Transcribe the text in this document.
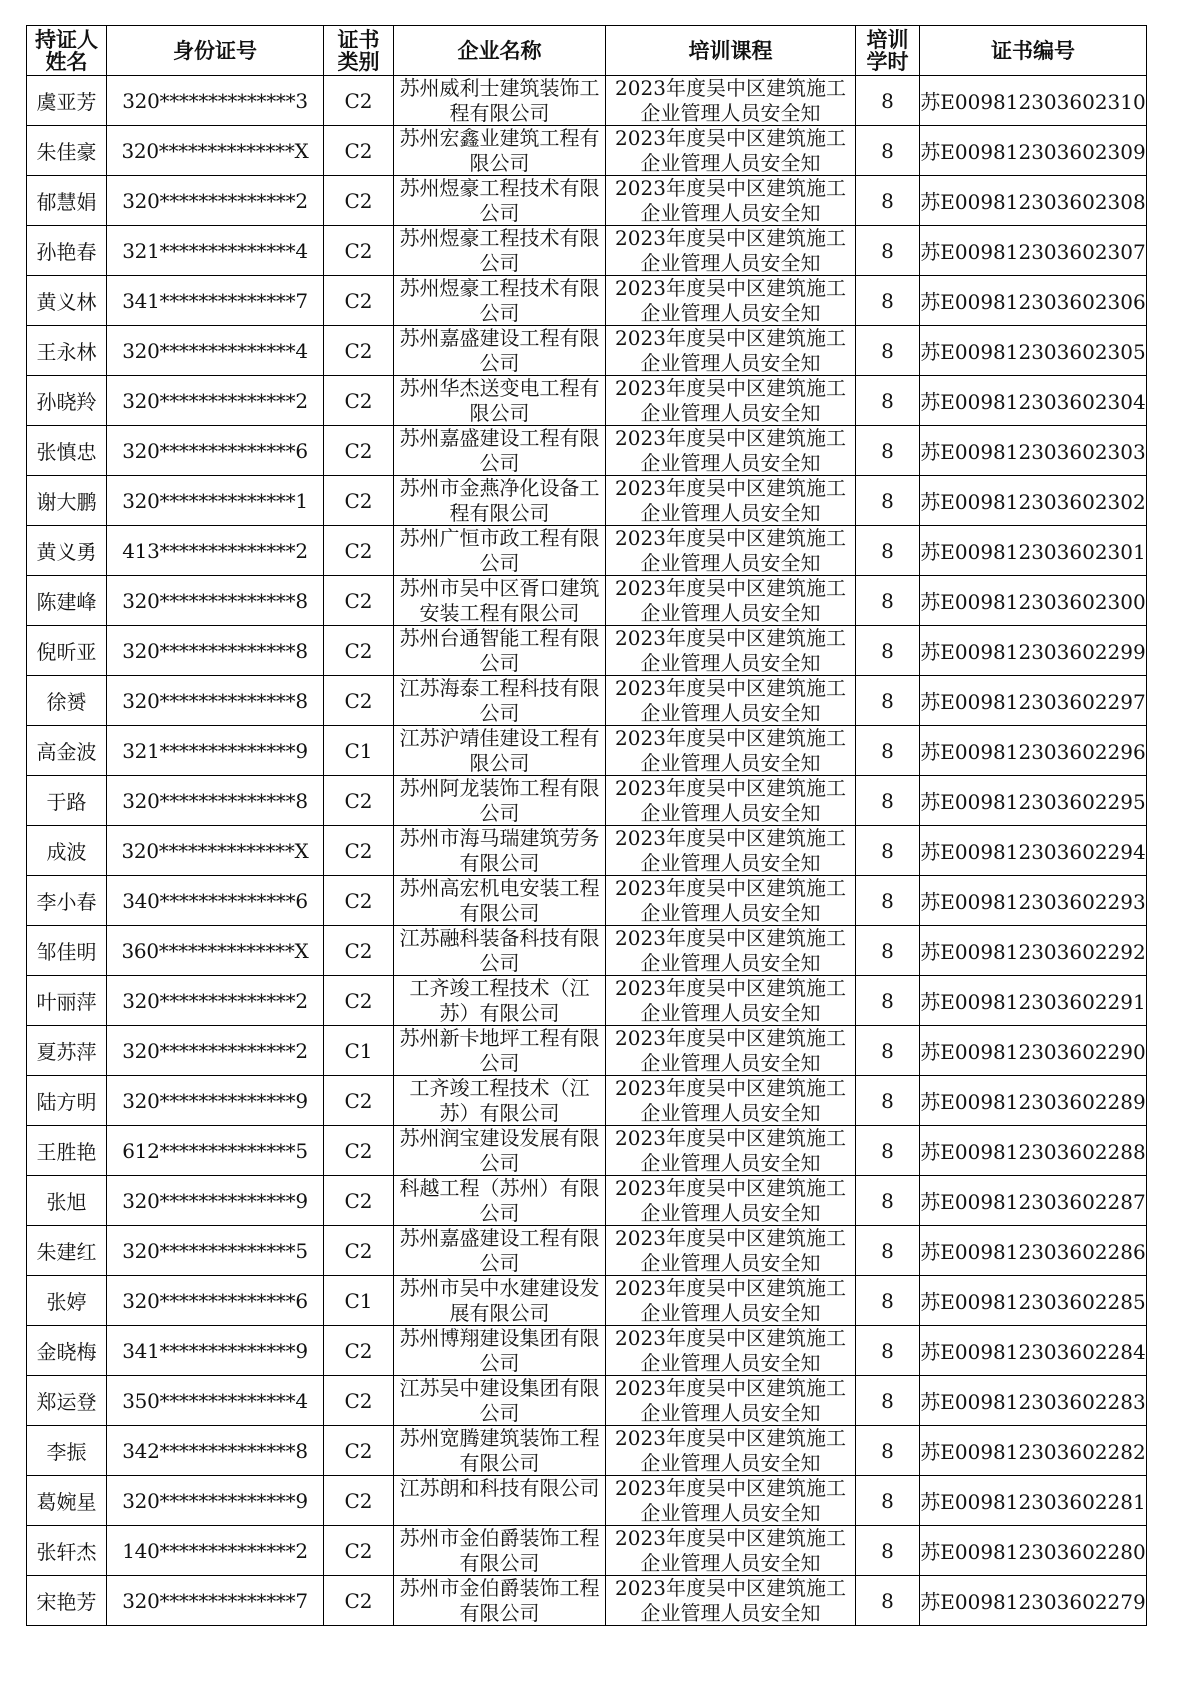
持证人姓名	身份证号	证书类别	企业名称	培训课程	培训学时	证书编号
虞亚芳	320**************3	C2	苏州威利士建筑装饰工程有限公司	2023年度吴中区建筑施工企业管理人员安全知	8	苏E009812303602310
朱佳豪	320**************X	C2	苏州宏鑫业建筑工程有限公司	2023年度吴中区建筑施工企业管理人员安全知	8	苏E009812303602309
郁慧娟	320**************2	C2	苏州煜豪工程技术有限公司	2023年度吴中区建筑施工企业管理人员安全知	8	苏E009812303602308
孙艳春	321**************4	C2	苏州煜豪工程技术有限公司	2023年度吴中区建筑施工企业管理人员安全知	8	苏E009812303602307
黄义林	341**************7	C2	苏州煜豪工程技术有限公司	2023年度吴中区建筑施工企业管理人员安全知	8	苏E009812303602306
王永林	320**************4	C2	苏州嘉盛建设工程有限公司	2023年度吴中区建筑施工企业管理人员安全知	8	苏E009812303602305
孙晓羚	320**************2	C2	苏州华杰送变电工程有限公司	2023年度吴中区建筑施工企业管理人员安全知	8	苏E009812303602304
张慎忠	320**************6	C2	苏州嘉盛建设工程有限公司	2023年度吴中区建筑施工企业管理人员安全知	8	苏E009812303602303
谢大鹏	320**************1	C2	苏州市金燕净化设备工程有限公司	2023年度吴中区建筑施工企业管理人员安全知	8	苏E009812303602302
黄义勇	413**************2	C2	苏州广恒市政工程有限公司	2023年度吴中区建筑施工企业管理人员安全知	8	苏E009812303602301
陈建峰	320**************8	C2	苏州市吴中区胥口建筑安装工程有限公司	2023年度吴中区建筑施工企业管理人员安全知	8	苏E009812303602300
倪昕亚	320**************8	C2	苏州台通智能工程有限公司	2023年度吴中区建筑施工企业管理人员安全知	8	苏E009812303602299
徐赟	320**************8	C2	江苏海泰工程科技有限公司	2023年度吴中区建筑施工企业管理人员安全知	8	苏E009812303602297
高金波	321**************9	C1	江苏沪靖佳建设工程有限公司	2023年度吴中区建筑施工企业管理人员安全知	8	苏E009812303602296
于路	320**************8	C2	苏州阿龙装饰工程有限公司	2023年度吴中区建筑施工企业管理人员安全知	8	苏E009812303602295
成波	320**************X	C2	苏州市海马瑞建筑劳务有限公司	2023年度吴中区建筑施工企业管理人员安全知	8	苏E009812303602294
李小春	340**************6	C2	苏州高宏机电安装工程有限公司	2023年度吴中区建筑施工企业管理人员安全知	8	苏E009812303602293
邹佳明	360**************X	C2	江苏融科装备科技有限公司	2023年度吴中区建筑施工企业管理人员安全知	8	苏E009812303602292
叶丽萍	320**************2	C2	工齐竣工程技术（江苏）有限公司	2023年度吴中区建筑施工企业管理人员安全知	8	苏E009812303602291
夏苏萍	320**************2	C1	苏州新卡地坪工程有限公司	2023年度吴中区建筑施工企业管理人员安全知	8	苏E009812303602290
陆方明	320**************9	C2	工齐竣工程技术（江苏）有限公司	2023年度吴中区建筑施工企业管理人员安全知	8	苏E009812303602289
王胜艳	612**************5	C2	苏州润宝建设发展有限公司	2023年度吴中区建筑施工企业管理人员安全知	8	苏E009812303602288
张旭	320**************9	C2	科越工程（苏州）有限公司	2023年度吴中区建筑施工企业管理人员安全知	8	苏E009812303602287
朱建红	320**************5	C2	苏州嘉盛建设工程有限公司	2023年度吴中区建筑施工企业管理人员安全知	8	苏E009812303602286
张婷	320**************6	C1	苏州市吴中水建建设发展有限公司	2023年度吴中区建筑施工企业管理人员安全知	8	苏E009812303602285
金晓梅	341**************9	C2	苏州博翔建设集团有限公司	2023年度吴中区建筑施工企业管理人员安全知	8	苏E009812303602284
郑运登	350**************4	C2	江苏吴中建设集团有限公司	2023年度吴中区建筑施工企业管理人员安全知	8	苏E009812303602283
李振	342**************8	C2	苏州宽腾建筑装饰工程有限公司	2023年度吴中区建筑施工企业管理人员安全知	8	苏E009812303602282
葛婉星	320**************9	C2	江苏朗和科技有限公司	2023年度吴中区建筑施工企业管理人员安全知	8	苏E009812303602281
张轩杰	140**************2	C2	苏州市金伯爵装饰工程有限公司	2023年度吴中区建筑施工企业管理人员安全知	8	苏E009812303602280
宋艳芳	320**************7	C2	苏州市金伯爵装饰工程有限公司	2023年度吴中区建筑施工企业管理人员安全知	8	苏E009812303602279
